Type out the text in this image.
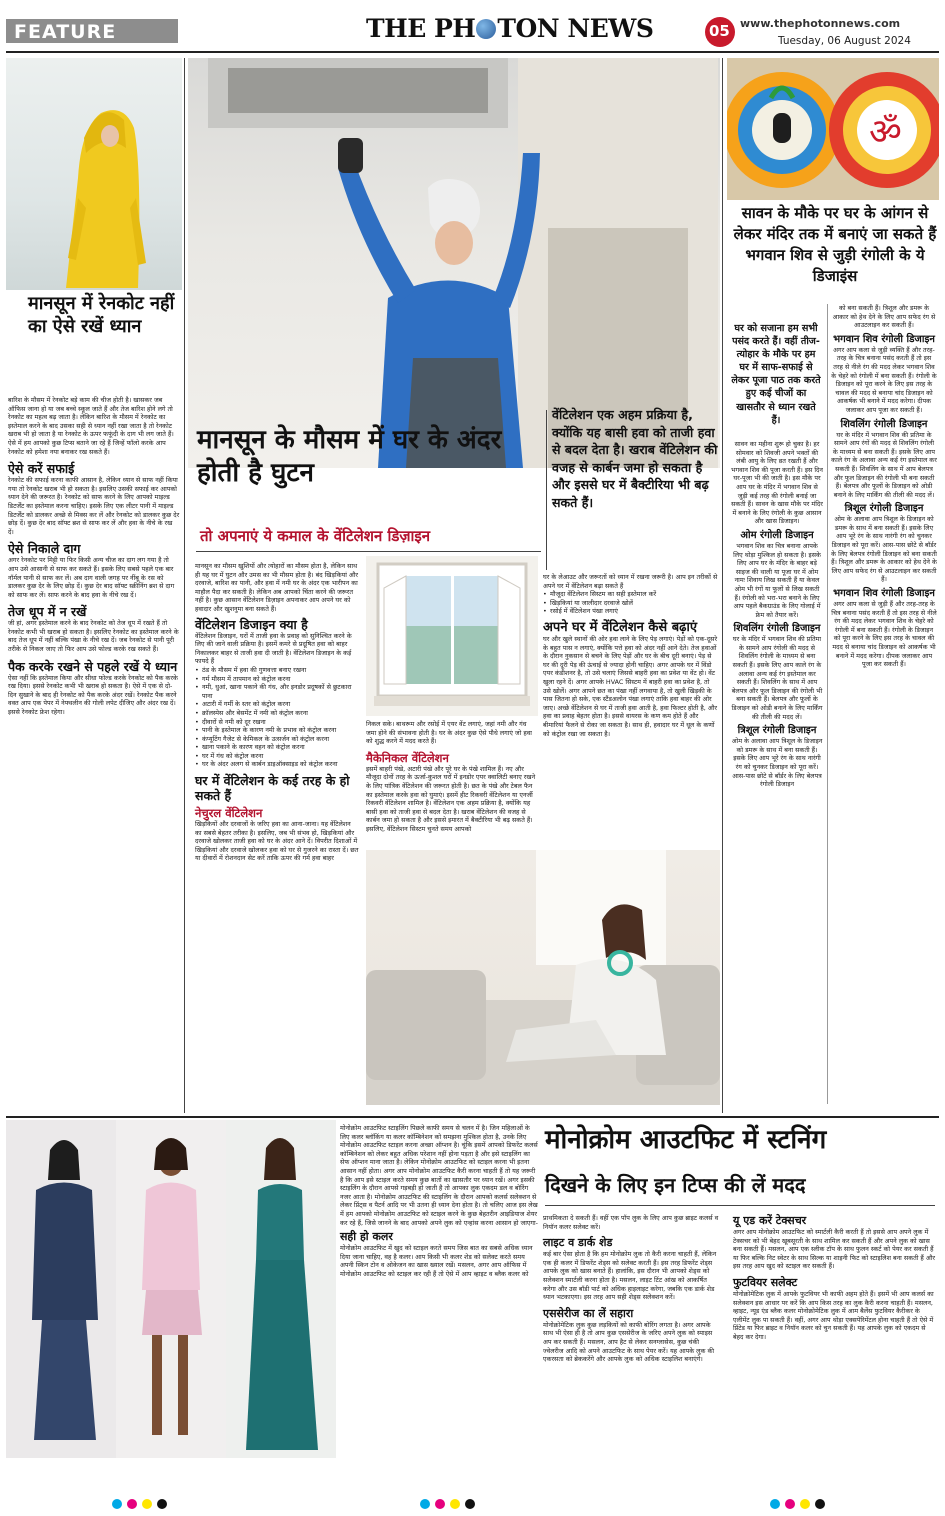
FEATURE	THE PH TON NEWS	05 www.thephotonnews.com
Tuesday, 06 August 2024
मानसून में रेनकोट नहीं का ऐसे रखें ध्यान

बारिश के मौसम में रेनकोट बड़े काम की चीज होती है। खासकर जब ऑफिस जाना हो या जब बच्चे स्कूल जाते हैं और तेज बारिश होने लगे तो रेनकोट का महत्व बढ़ जाता है। लेकिन बारिश के मौसम में रेनकोट का इस्तेमाल करने के बाद उसका सही से ध्यान नहीं रखा जाता है तो रेनकोट खराब भी हो जाता है या रेनकोट के ऊपर फफूंदी के दाग भी लग जाते हैं। ऐसे में हम आपको कुछ टिप्स बताने जा रहे हैं जिन्हें फॉलो करके आप रेनकोट को हमेशा नया बनाकर रख सकते हैं।

ऐसे करें सफाई

रेनकोट की सफाई करना काफी आसान है, लेकिन ध्यान से साफ नहीं किया गया तो रेनकोट खराब भी हो सकता है। इसलिए उसकी सफाई कर आपको ध्यान देने की जरूरत है। रेनकोट को साफ करने के लिए आपको माइल्ड डिटर्जेंट का इस्तेमाल करना चाहिए। इसके लिए एक लीटर पानी में माइल्ड डिटर्जेंट को डालकर अच्छे से मिक्स कर लें और रेनकोट को डालकर कुछ देर छोड़ दें। कुछ देर बाद सॉफ्ट ब्रश से साफ कर लें और हवा के नीचे के रख दें।

ऐसे निकाले दाग

अगर रेनकोट पर मिट्टी या फिर किसी अन्य चीज का दाग लग गया है तो आप उसे आसानी से साफ कर सकते हैं। इसके लिए सबसे पहले एक बार नॉर्मल पानी से साफ कर लें। अब दाग वाली जगह पर नींबू के रस को डालकर कुछ देर के लिए छोड़ दें। कुछ देर बाद सॉफ्ट स्क्रीनिंग ब्रश से दाग को साफ कर लें। साफ करने के बाद हवा के नीचे रख दें।

तेज धूप में न रखें

जी हां, अगर इस्तेमाल करने के बाद रेनकोट को तेज धूप में रखते हैं तो रेनकोट कभी भी खराब हो सकता है। इसलिए रेनकोट का इस्तेमाल करने के बाद तेज धूप में नहीं बल्कि पंखा के नीचे रख दें। जब रेनकोट से पानी पूरी तरीके से निकल जाए तो फिर आप उसे फोल्ड करके रख सकते हैं।

पैक करके रखने से पहले रखें ये ध्यान

ऐसा नहीं कि इस्तेमाल किया और सीधा फोल्ड करके रेनकोट को पैक करके रख दिया। इससे रेनकोट कभी भी खराब हो सकता है। ऐसे में एक से दो-दिन सुखाने के बाद ही रेनकोट को पैक करके अंदर रखें। रेनकोट पैक करने वक्त आप एक पेपर में नेफ्थलीन की गोली लपेट दीजिए और अंदर रख दें। इससे रेनकोट फ्रेश रहेगा।

मानसून के मौसम में घर के अंदर होती है घुटन
तो अपनाएं ये कमाल के वेंटिलेशन डिज़ाइन
वेंटिलेशन एक अहम प्रक्रिया है, क्योंकि यह बासी हवा को ताजी हवा से बदल देता है। खराब वेंटिलेशन की वजह से कार्बन जमा हो सकता है और इससे घर में बैक्टीरिया भी बढ़ सकते हैं।

मानसून का मौसम खुशियों और त्योहारों का मौसम होता है, लेकिन साथ ही यह घर में घुटन और उमस का भी मौसम होता है। बंद खिड़कियां और दरवाजे, बारिश का पानी, और हवा में नमी घर के अंदर एक भारीपन का माहौल पैदा कर सकती है। लेकिन अब आपको चिंता करने की जरूरत नहीं है। कुछ आसान वेंटिलेशन डिज़ाइन अपनाकर आप अपने घर को हवादार और खुशनुमा बना सकते हैं।

वेंटिलेशन डिजाइन क्या है

वेंटिलेशन डिजाइन, घरों में ताजी हवा के प्रवाह को सुनिश्चित करने के लिए की जाने वाली प्रक्रिया है। इसमें कमरे से प्रदूषित हवा को बाहर निकालकर बाहर से ताजी हवा दी जाती है। वेंटिलेशन डिजाइन के कई फायदे हैं

• ठंड के मौसम में हवा की गुणवत्ता बनाए रखना
• गर्म मौसम में तापमान को कंट्रोल करना
• नमी, धुआं, खाना पकाने की गंध, और इनडोर प्रदूषकों से छुटकारा पाना
• अटारी में गर्मी के स्तर को कंट्रोल करना
• क्रॉलस्पेस और बेसमेंट में नमी को कंट्रोल करना
• दीवारों से नमी को दूर रखना
• पानी के इस्तेमाल के कारण नमी के प्रभाव को कंट्रोल करना
• कंप्यूटिंग गैजेट से केमिकल के उत्सर्जन को कंट्रोल करना
• खाना पकाने के कारण वहन को कंट्रोल करना
• घर में गंध को कंट्रोल करना
• घर के अंदर अलग से कार्बन डाइऑक्साइड को कंट्रोल करना

घर में वेंटिलेशन के कई तरह के हो सकते हैं

नेचुरल वेंटिलेशन

खिड़कियों और दरवाजों के जरिए हवा का आना-जाना। यह वेंटिलेशन का सबसे बेहतर तरीका है। इसलिए, जब भी संभव हो, खिड़कियां और दरवाजे खोलकर ताजी हवा को घर के अंदर आने दें। विपरीत दिशाओं में खिड़कियां और दरवाजे खोलकर हवा को घर से गुजरने का रास्ता दें। छत या दीवारों में रोशनदान सेट करें ताकि ऊपर की गर्म हवा बाहर

निकल सके। बाथरूम और रसोई में एयर वेंट लगाएं, जहां नमी और गंध जमा होने की संभावना होती है। घर के अंदर कुछ ऐसे पौधे लगाएं जो हवा को शुद्ध करने में मदद करते हैं।

मैकेनिकल वेंटिलेशन

इसमें बाहरी पंखे, अटारी पंखे और पूरे घर के पंखे शामिल हैं। नए और मौजूदा दोनों तरह के ऊर्जा-कुशल घरों में इनडोर एयर क्वालिटी बनाए रखने के लिए यांत्रिक वेंटिलेशन की जरूरत होती है। छत के पंखे और टेबल फैन का इस्तेमाल करके हवा को घुमाएं। इसमें हीट रिकवरी वेंटिलेशन या एनर्जी रिकवरी वेंटिलेशन शामिल है। वेंटिलेशन एक अहम प्रक्रिया है, क्योंकि यह बासी हवा को ताजी हवा से बदल देता है। खराब वेंटिलेशन की वजह से कार्बन जमा हो सकता है और इससे इमारत में बैक्टीरिया भी बढ़ सकते हैं। इसलिए, वेंटिलेशन सिस्टम चुनते समय आपको

घर के लेआउट और जरूरतों को ध्यान में रखना जरूरी है। आप इन तरीकों से अपने घर में वेंटिलेशन बढ़ा सकते हैं

• मौजूदा वेंटिलेशन सिस्टम का सही इस्तेमाल करें
• खिड़कियां या जालीदार दरवाजे खोलें
• रसोई में वेंटिलेशन पंखा लगाएं

अपने घर में वेंटिलेशन कैसे बढ़ाएं

घर और खुले स्थानों की ओर हवा लाने के लिए पेड़ लगाएं। पेड़ों को एक-दूसरे के बहुत पास न लगाएं, क्योंकि पत्ते हवा को अंदर नहीं आने देते। तेज हवाओं के दौरान नुकसान से बचने के लिए पेड़ों और घर के बीच दूरी बनाएं। पेड़ से घर की दूरी पेड़ की ऊंचाई से ज्यादा होनी चाहिए। अगर आपके घर में विंडो एयर कंडीशनर है, तो उसे चलाएं जिससे बाहरी हवा का प्रवेश या वेंट हो। वेंट खुला रहने दें। अगर आपके HVAC सिस्टम में बाहरी हवा का प्रवेश है, तो उसे खोलें। अगर आपने छत का पंखा नहीं लगवाया है, तो खुली खिड़की के पास जितना हो सके, एक स्टैंडअलोन पंखा लगाएं ताकि हवा बाहर की ओर जाए। अच्छे वेंटिलेशन से घर में ताजी हवा आती है, हवा फिल्टर होती है, और हवा का प्रवाह बेहतर होता है। इससे वायरस के कण कम होते हैं और बीमारियां फैलने से रोका जा सकता है। साथ ही, हवादार घर में धूल के कणों को कंट्रोल रखा जा सकता है।

ॐ
सावन के मौके पर घर के आंगन से लेकर मंदिर तक में बनाएं जा सकते हैं भगवान शिव से जुड़ी रंगोली के ये डिजाइंस
घर को सजाना हम सभी पसंद करते हैं। वहीं तीज-त्योहार के मौके पर हम घर में साफ-सफाई से लेकर पूजा पाठ तक करते हुए कई चीजों का खासतौर से ध्यान रखते हैं।

सावन का महीना शुरू हो चुका है। हर सोमवार को शिवजी अपने भक्तों की लंबी आयु के लिए व्रत रखती हैं और भगवान शिव की पूजा करती हैं। इस दिन घर-पूजा भी की जाती है। इस मौके पर आप घर के मंदिर में भगवान शिव से जुड़ी कई तरह की रंगोली बनाई जा सकती हैं। सावन के खास मौके पर मंदिर में बनाने के लिए रंगोली के कुछ आसान और खास डिजाइन।

ओम रंगोली डिजाइन

भगवान शिव का चित्र बनाना आपके लिए थोड़ा मुश्किल हो सकता है। इसके लिए आप घर के मंदिर के बाहर बड़े साइज की थाली या पूजा घर में ओम नामः शिवाय लिख सकती हैं या केवल ओम भी रंगों या फूलों से लिख सकती हैं। रंगोली को भरा-भरा बनाने के लिए आप पहले बैकग्राउंड के लिए गोलाई में फ्रेम को तैयार करें।

शिवलिंग रंगोली डिजाइन

घर के मंदिर में भगवान शिव की प्रतिमा के सामने आप रंगोली की मदद से शिवलिंग रंगोली के माध्यम से बना सकती हैं। इसके लिए आप काले रंग के अलावा अन्य कई रंग इस्तेमाल कर सकती हैं। शिवलिंग के साथ में आप बेलपत्र और फूल डिजाइन की रंगोली भी बना सकती हैं। बेलपत्र और फूलों के डिजाइन को ओडी बनाने के लिए मार्किंग की तीली की मदद लें।

त्रिशूल रंगोली डिजाइन

ओम के अलावा आप त्रिशूल के डिजाइन को डमरू के साथ में बना सकती हैं। इसके लिए आप भूरे रंग के साथ नारंगी रंग को चुनकर डिजाइन को पूरा करें। आस-पास छोटे से बॉर्डर के लिए बेलपत्र रंगोली डिजाइन

को बना सकती हैं। त्रिशूल और डमरू के आकार को हेथ देने के लिए आप सफेद रंग से आउटलाइन कर सकती हैं।

भगवान शिव रंगोली डिजाइन

अगर आप कला से जुड़ी व्यक्ति हैं और तरह-तरह के चित्र बनाना पसंद करती हैं तो इस तरह से नीले रंग की मदद लेकर भगवान शिव के चेहरे को रंगोली में बना सकती हैं। रंगोली के डिजाइन को पूरा करने के लिए इस तरह के चावल की मदद से बनाया चांद डिजाइन को आकर्षक भी बनाने में मदद करेगा। दीपक जलाकर आप पूजा कर सकती हैं।

शिवलिंग रंगोली डिजाइन

घर के मंदिर में भगवान शिव की प्रतिमा के सामने आप रंगों की मदद से शिवलिंग रंगोली के माध्यम से बना सकती हैं। इसके लिए आप काले रंग के अलावा अन्य कई रंग इस्तेमाल कर सकती हैं। शिवलिंग के साथ में आप बेलपत्र और फूल डिजाइन की रंगोली भी बना सकती हैं। बेलपत्र और फूलों के डिजाइन को ओडी बनाने के लिए मार्किंग की तीली की मदद लें।

त्रिशूल रंगोली डिजाइन

ओम के अलावा आप त्रिशूल के डिजाइन को डमरू के साथ में बना सकती हैं। इसके लिए आप भूरे रंग के साथ नारंगी रंग को चुनकर डिजाइन को पूरा करें। आस-पास छोटे से बॉर्डर के लिए बेलपत्र रंगोली डिजाइन को बना सकती हैं। त्रिशूल और डमरू के आकार को हेथ देने के लिए आप सफेद रंग से आउटलाइन कर सकती हैं।

भगवान शिव रंगोली डिजाइन

अगर आप कला से जुड़ी हैं और तरह-तरह के चित्र बनाना पसंद करती हैं तो इस तरह से नीले रंग की मदद लेकर भगवान शिव के चेहरे को रंगोली में बना सकती हैं। रंगोली के डिजाइन को पूरा करने के लिए इस तरह के चावल की मदद से बनाया चांद डिजाइन को आकर्षक भी बनाने में मदद करेगा। दीपक जलाकर आप पूजा कर सकती हैं।

मोनोक्रोम आउटफिट में स्टनिंग
दिखने के लिए इन टिप्स की लें मदद

मोनोक्रोम आउटफिट स्टाइलिंग पिछले काफी समय से चलन में है। जिन महिलाओं के लिए कलर ब्लॉकिंग या कलर कॉम्बिनेशन को समझना मुश्किल होता है, उनके लिए मोनोक्रोम आउटफिट स्टाइल करना अच्छा ऑप्शन है। चूंकि इसमें आपको डिफरेंट कलर्स कॉम्बिनेशन को लेकर बहुत अधिक परेशान नहीं होना पड़ता है और इसे स्टाइलिंग का सेफ ऑप्शन माना जाता है। लेकिन मोनोक्रोम आउटफिट को स्टाइल करना भी इतना आसान नहीं होता। अगर आप मोनोक्रोम आउटफिट कैरी करना चाहती हैं तो यह जरूरी है कि आप इसे स्टाइल करते समय कुछ बातों का खासतौर पर ध्यान रखें। अगर इसकी स्टाइलिंग के दौरान आपसे गड़बड़ी हो जाती है तो आपका लुक एकदम डल व बोरिंग नजर आता है। मोनोक्रोम आउटफिट की स्टाइलिंग के दौरान आपको कलर्स सलेक्शन से लेकर प्रिंट्स व पैटर्न आदि पर भी उतना ही ध्यान देना होता है। तो चलिए आज इस लेख में हम आपको मोनोक्रोम आउटफिट को स्टाइल करने के कुछ बेहतरीन आइडियाज शेयर कर रहे हैं, जिसे जानने के बाद आपको अपने लुक को एन्हांस करना आसान हो जाएगा-

सही हो कलर

मोनोक्रोम आउटफिट में खुद को स्टाइल करते समय जिस बात का सबसे अधिक ध्यान दिया जाना चाहिए, वह है कलर। आप किसी भी कलर शेड को सलेक्ट करते समय अपनी स्किन टोन व ओकेजन का खास ख्याल रखें। मसलन, अगर आप ऑफिस में मोनोक्रोम आउटफिट को स्टाइल कर रही हैं तो ऐसे में आप व्हाइट व ब्लैक कलर को

प्राथमिकता दे सकती हैं। वहीं एक पॉप लुक के लिए आप कुछ ब्राइट कलर्स व नियॉन कलर सलेक्ट करें।

लाइट व डार्क शेड

कई बार ऐसा होता है कि हम मोनोक्रोम लुक तो कैरी करना चाहती हैं, लेकिन एक ही कलर में डिफरेंट शेड्स को सलेक्ट करती हैं। इस तरह डिफरेंट शेड्स आपके लुक को खास बनाते हैं। हालांकि, इस दौरान भी आपको शेड्स को सलेक्शन स्मार्टली करना होता है। मसलन, लाइट टिंट आंख को आकर्षित करेगा और उस बॉडी पार्ट को अधिक हाइलाइट करेगा, जबकि एक डार्क शेड ध्यान भटकाएगा। इस तरह आप सही शेड्स सलेक्शन करें।

एससेरीज का लें सहारा

मोनोक्रोमेटिक लुक कुछ लड़कियों को काफी बोरिंग लगता है। अगर आपके साथ भी ऐसा ही है तो आप कुछ एससेरीज के जरिए अपने लुक को स्पाइस अप कर सकती हैं। मसलन, आप हैट से लेकर सनग्लासेस, कुछ चंकी ज्वेलरीज आदि को अपने आउटफिट के साथ पेयर करें। यह आपके लुक की एकरसता को ब्रेककरेंगे और आपके लुक को अधिक स्टाइलिश बनाएंगे।

यू एड करें टेक्सचर

अगर आप मोनोक्रोम आउटफिट को स्मार्टली कैरी करती हैं तो इससे आप अपने लुक में टेक्सचर को भी बेहद खूबसूरती के साथ शामिल कर सकती हैं और अपने लुक को खास बना सकती हैं। मसलन, आप एक स्लीक टॉप के साथ फुलन स्कर्ट को पेयर कर सकती हैं या फिर बल्कि निट स्वेटर के साथ सिल्क या शाइनी फिट को स्टाइलिश बना सकती हैं और इस तरह आप खुद को स्टाइल कर सकती हैं।

फुटवियर सलेक्ट

मोनोक्रोमेटिक लुक में आपके फुटवियर भी काफी अहम होते हैं। इसमें भी आप कलर्स का सलेक्शन इस आधार पर करें कि आप किस तरह का लुक कैरी करना चाहती हैं। मसलन, व्हाइट, न्यूड एंड ब्लैक कलर मोनोक्रोमेटिक लुक में आम बैलेंस फुटवियर कैरीकर के एलीमेंट लुक पा सकती हैं। वहीं, अगर आप थोड़ा एक्सपेरिमेंटल होना चाहती हैं तो ऐसे में प्रिंटेड या फिर ब्राइट व नियॉन कलर को चुन सकती हैं। यह आपके लुक को एकदम से बेहद कर देगा।
